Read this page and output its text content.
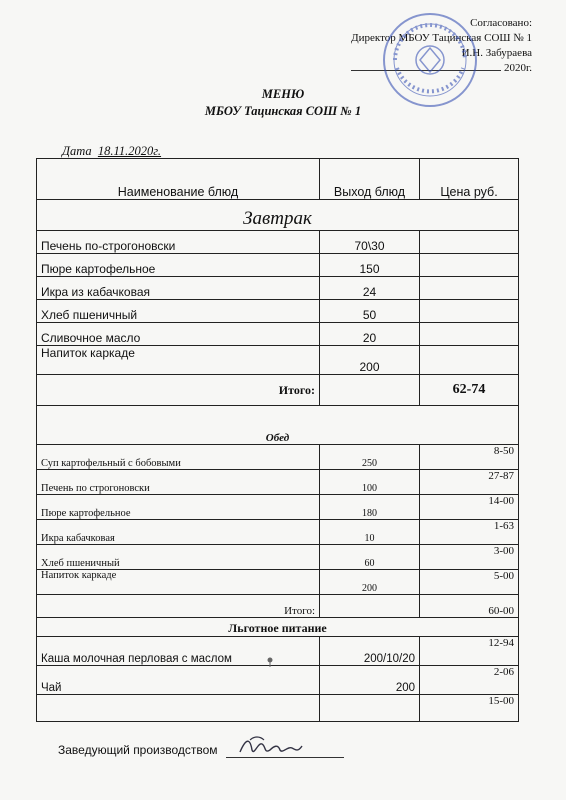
Согласовано:
Директор МБОУ Тацинская СОШ № 1
И.Н. Забураева
2020г.
МЕНЮ
МБОУ Тацинская СОШ № 1
Дата 18.11.2020г.
Наименование блюд	Выход блюд	Цена руб.
Завтрак		
Печень по-строгоновски	70\30	
Пюре картофельное	150	
Икра из кабачковая	24	
Хлеб пшеничный	50	
Сливочное масло	20	
Напиток каркаде	200	
Итого:		62-74
Обед		
Суп картофельный с бобовыми	250	8-50
Печень по строгоновски	100	27-87
Пюре картофельное	180	14-00
Икра кабачковая	10	1-63
Хлеб пшеничный	60	3-00
Напиток каркаде	200	5-00
Итого:		60-00
Льготное питание		
Каша молочная перловая с маслом	200/10/20	12-94
Чай	200	2-06
		15-00
Заведующий производством
